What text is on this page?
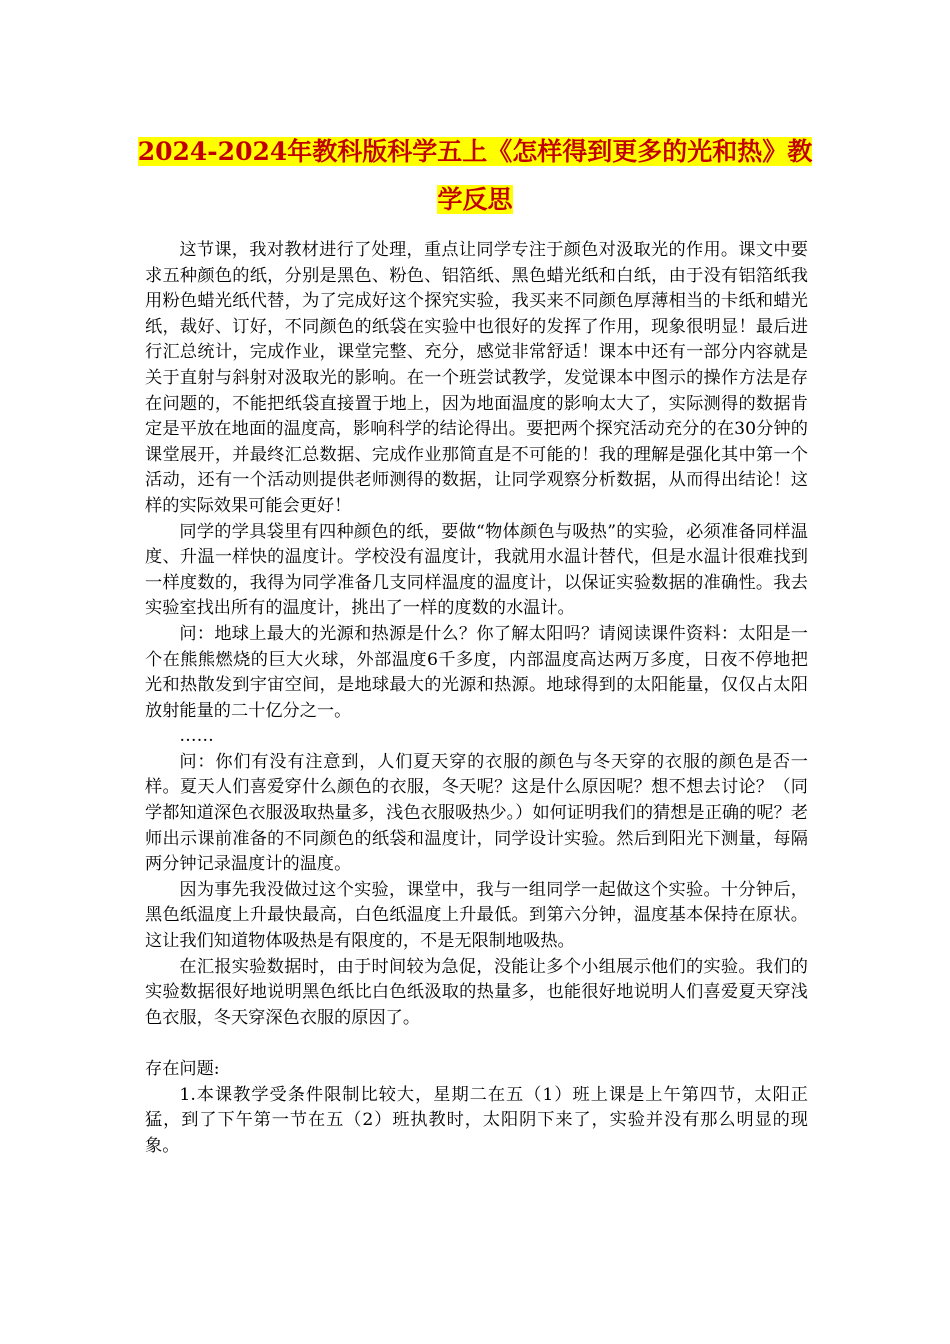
2024-2024年教科版科学五上《怎样得到更多的光和热》教学反思

这节课，我对教材进行了处理，重点让同学专注于颜色对汲取光的作用。课文中要求五种颜色的纸，分别是黑色、粉色、铝箔纸、黑色蜡光纸和白纸，由于没有铝箔纸我用粉色蜡光纸代替，为了完成好这个探究实验，我买来不同颜色厚薄相当的卡纸和蜡光纸，裁好、订好，不同颜色的纸袋在实验中也很好的发挥了作用，现象很明显！最后进行汇总统计，完成作业，课堂完整、充分，感觉非常舒适！课本中还有一部分内容就是关于直射与斜射对汲取光的影响。在一个班尝试教学，发觉课本中图示的操作方法是存在问题的，不能把纸袋直接置于地上，因为地面温度的影响太大了，实际测得的数据肯定是平放在地面的温度高，影响科学的结论得出。要把两个探究活动充分的在30分钟的课堂展开，并最终汇总数据、完成作业那简直是不可能的！我的理解是强化其中第一个活动，还有一个活动则提供老师测得的数据，让同学观察分析数据，从而得出结论！这样的实际效果可能会更好！

同学的学具袋里有四种颜色的纸，要做“物体颜色与吸热”的实验，必须准备同样温度、升温一样快的温度计。学校没有温度计，我就用水温计替代，但是水温计很难找到一样度数的，我得为同学准备几支同样温度的温度计，以保证实验数据的准确性。我去实验室找出所有的温度计，挑出了一样的度数的水温计。

问：地球上最大的光源和热源是什么？你了解太阳吗？请阅读课件资料：太阳是一个在熊熊燃烧的巨大火球，外部温度6千多度，内部温度高达两万多度，日夜不停地把光和热散发到宇宙空间，是地球最大的光源和热源。地球得到的太阳能量，仅仅占太阳放射能量的二十亿分之一。

……

问：你们有没有注意到，人们夏天穿的衣服的颜色与冬天穿的衣服的颜色是否一样。夏天人们喜爱穿什么颜色的衣服，冬天呢？这是什么原因呢？想不想去讨论？（同学都知道深色衣服汲取热量多，浅色衣服吸热少。）如何证明我们的猜想是正确的呢？老师出示课前准备的不同颜色的纸袋和温度计，同学设计实验。然后到阳光下测量，每隔两分钟记录温度计的温度。

因为事先我没做过这个实验，课堂中，我与一组同学一起做这个实验。十分钟后，黑色纸温度上升最快最高，白色纸温度上升最低。到第六分钟，温度基本保持在原状。这让我们知道物体吸热是有限度的，不是无限制地吸热。

在汇报实验数据时，由于时间较为急促，没能让多个小组展示他们的实验。我们的实验数据很好地说明黑色纸比白色纸汲取的热量多，也能很好地说明人们喜爱夏天穿浅色衣服，冬天穿深色衣服的原因了。

存在问题:

1.本课教学受条件限制比较大，星期二在五（1）班上课是上午第四节，太阳正猛，到了下午第一节在五（2）班执教时，太阳阴下来了，实验并没有那么明显的现象。
